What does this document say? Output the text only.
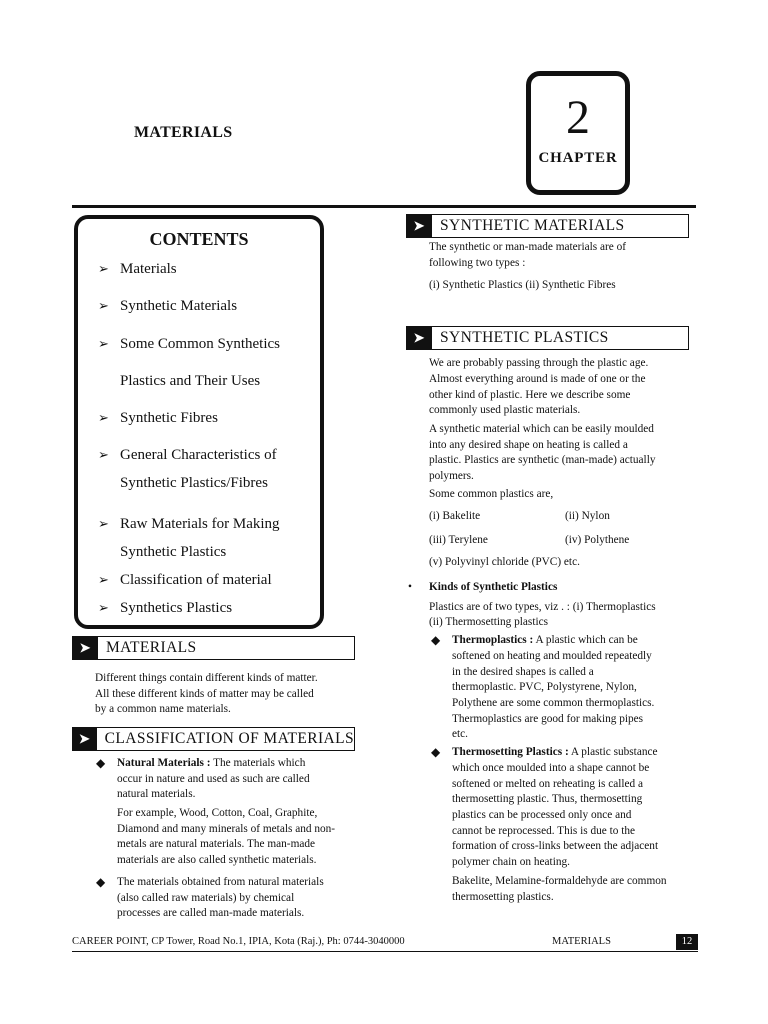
MATERIALS	2
CHAPTER
CONTENTS
➢ Materials
➢ Synthetic Materials
➢ Some Common Synthetics
Plastics and Their Uses
➢ Synthetic Fibres
➢ General Characteristics of
Synthetic Plastics/Fibres
➢ Raw Materials for Making
Synthetic Plastics
➢ Classification of material
➢ Synthetics Plastics
➤	MATERIALS
Different things contain different kinds of matter.
All these different kinds of matter may be called
by a common name materials.
➤ CLASSIFICATION OF MATERIALS
◆ Natural Materials : The materials which
occur in nature and used as such are called
natural materials.
For example, Wood, Cotton, Coal, Graphite,
Diamond and many minerals of metals and non-
metals are natural materials. The man-made
materials are also called synthetic materials.
◆ The materials obtained from natural materials
(also called raw materials) by chemical
processes are called man-made materials.
➤	SYNTHETIC MATERIALS
The synthetic or man-made materials are of
following two types :
(i) Synthetic Plastics (ii) Synthetic Fibres
➤	SYNTHETIC PLASTICS
We are probably passing through the plastic age.
Almost everything around is made of one or the
other kind of plastic. Here we describe some
commonly used plastic materials.
A synthetic material which can be easily moulded
into any desired shape on heating is called a
plastic. Plastics are synthetic (man-made) actually
polymers.
Some common plastics are,
(i) Bakelite	(ii) Nylon
(iii) Terylene	(iv) Polythene
(v) Polyvinyl chloride (PVC) etc.
• Kinds of Synthetic Plastics
Plastics are of two types, viz . : (i) Thermoplastics
(ii) Thermosetting plastics
◆ Thermoplastics : A plastic which can be
softened on heating and moulded repeatedly
in the desired shapes is called a
thermoplastic. PVC, Polystyrene, Nylon,
Polythene are some common thermoplastics.
Thermoplastics are good for making pipes
etc.
◆ Thermosetting Plastics : A plastic substance
which once moulded into a shape cannot be
softened or melted on reheating is called a
thermosetting plastic. Thus, thermosetting
plastics can be processed only once and
cannot be reprocessed. This is due to the
formation of cross-links between the adjacent
polymer chain on heating.
Bakelite, Melamine-formaldehyde are common
thermosetting plastics.
CAREER POINT, CP Tower, Road No.1, IPIA, Kota (Raj.), Ph: 0744-3040000	MATERIALS	12
